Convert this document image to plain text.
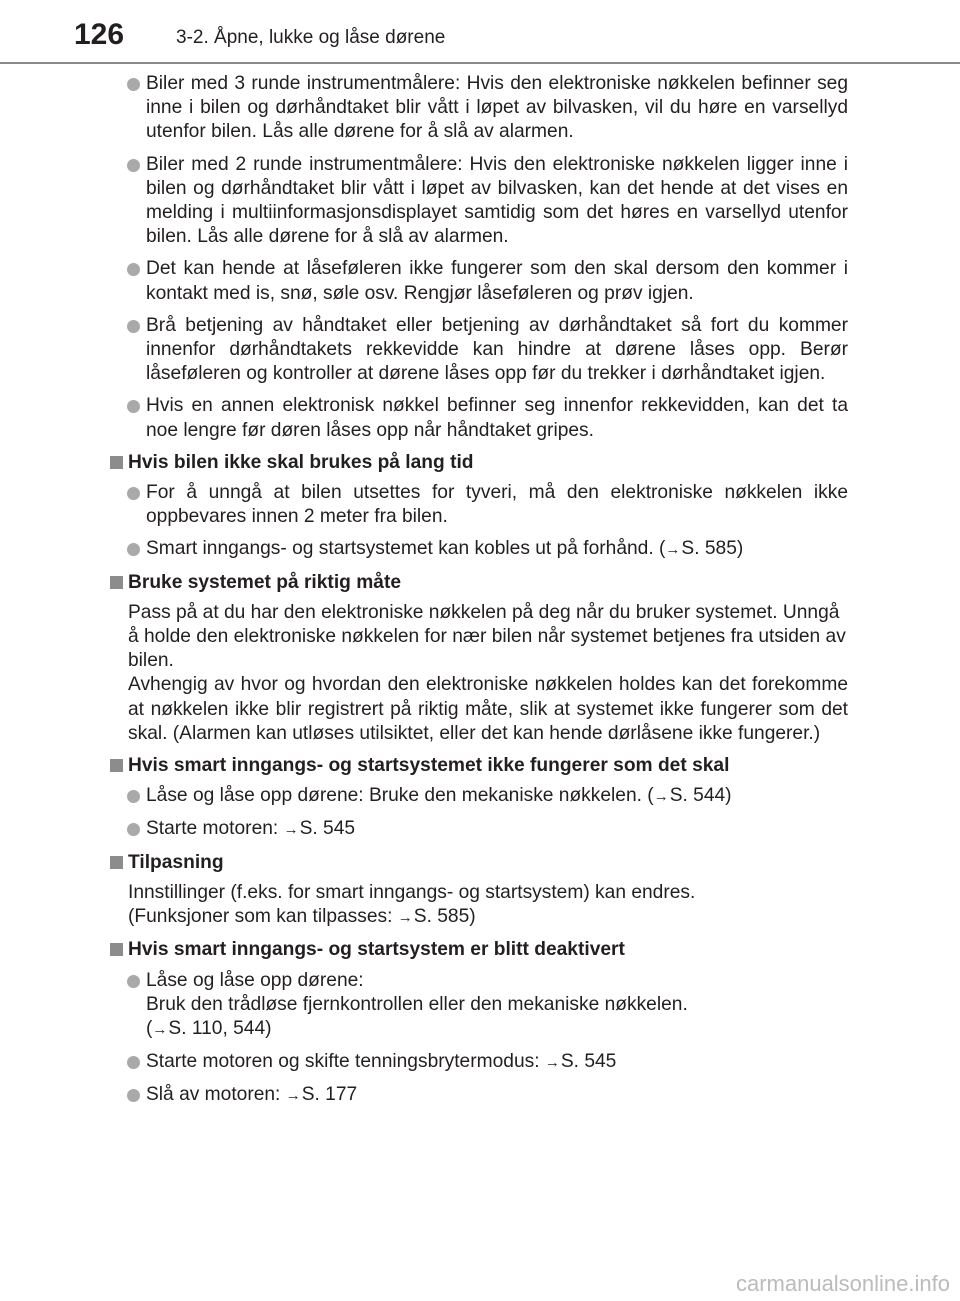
126	3-2. Åpne, lukke og låse dørene
Biler med 3 runde instrumentmålere: Hvis den elektroniske nøkkelen befinner seg inne i bilen og dørhåndtaket blir vått i løpet av bilvasken, vil du høre en varsellyd utenfor bilen. Lås alle dørene for å slå av alarmen.
Biler med 2 runde instrumentmålere: Hvis den elektroniske nøkkelen ligger inne i bilen og dørhåndtaket blir vått i løpet av bilvasken, kan det hende at det vises en melding i multiinformasjonsdisplayet samtidig som det høres en varsellyd utenfor bilen. Lås alle dørene for å slå av alarmen.
Det kan hende at låseføleren ikke fungerer som den skal dersom den kommer i kontakt med is, snø, søle osv. Rengjør låseføleren og prøv igjen.
Brå betjening av håndtaket eller betjening av dørhåndtaket så fort du kommer innenfor dørhåndtakets rekkevidde kan hindre at dørene låses opp. Berør låseføleren og kontroller at dørene låses opp før du trekker i dørhåndtaket igjen.
Hvis en annen elektronisk nøkkel befinner seg innenfor rekkevidden, kan det ta noe lengre før døren låses opp når håndtaket gripes.
Hvis bilen ikke skal brukes på lang tid
For å unngå at bilen utsettes for tyveri, må den elektroniske nøkkelen ikke oppbevares innen 2 meter fra bilen.
Smart inngangs- og startsystemet kan kobles ut på forhånd. (→S. 585)
Bruke systemet på riktig måte
Pass på at du har den elektroniske nøkkelen på deg når du bruker systemet. Unngå å holde den elektroniske nøkkelen for nær bilen når systemet betjenes fra utsiden av bilen.
Avhengig av hvor og hvordan den elektroniske nøkkelen holdes kan det forekomme at nøkkelen ikke blir registrert på riktig måte, slik at systemet ikke fungerer som det skal. (Alarmen kan utløses utilsiktet, eller det kan hende dørlåsene ikke fungerer.)
Hvis smart inngangs- og startsystemet ikke fungerer som det skal
Låse og låse opp dørene: Bruke den mekaniske nøkkelen. (→S. 544)
Starte motoren: →S. 545
Tilpasning
Innstillinger (f.eks. for smart inngangs- og startsystem) kan endres.
(Funksjoner som kan tilpasses: →S. 585)
Hvis smart inngangs- og startsystem er blitt deaktivert
Låse og låse opp dørene:
Bruk den trådløse fjernkontrollen eller den mekaniske nøkkelen.
(→S. 110, 544)
Starte motoren og skifte tenningsbrytermodus: →S. 545
Slå av motoren: →S. 177
carmanualsonline.info
